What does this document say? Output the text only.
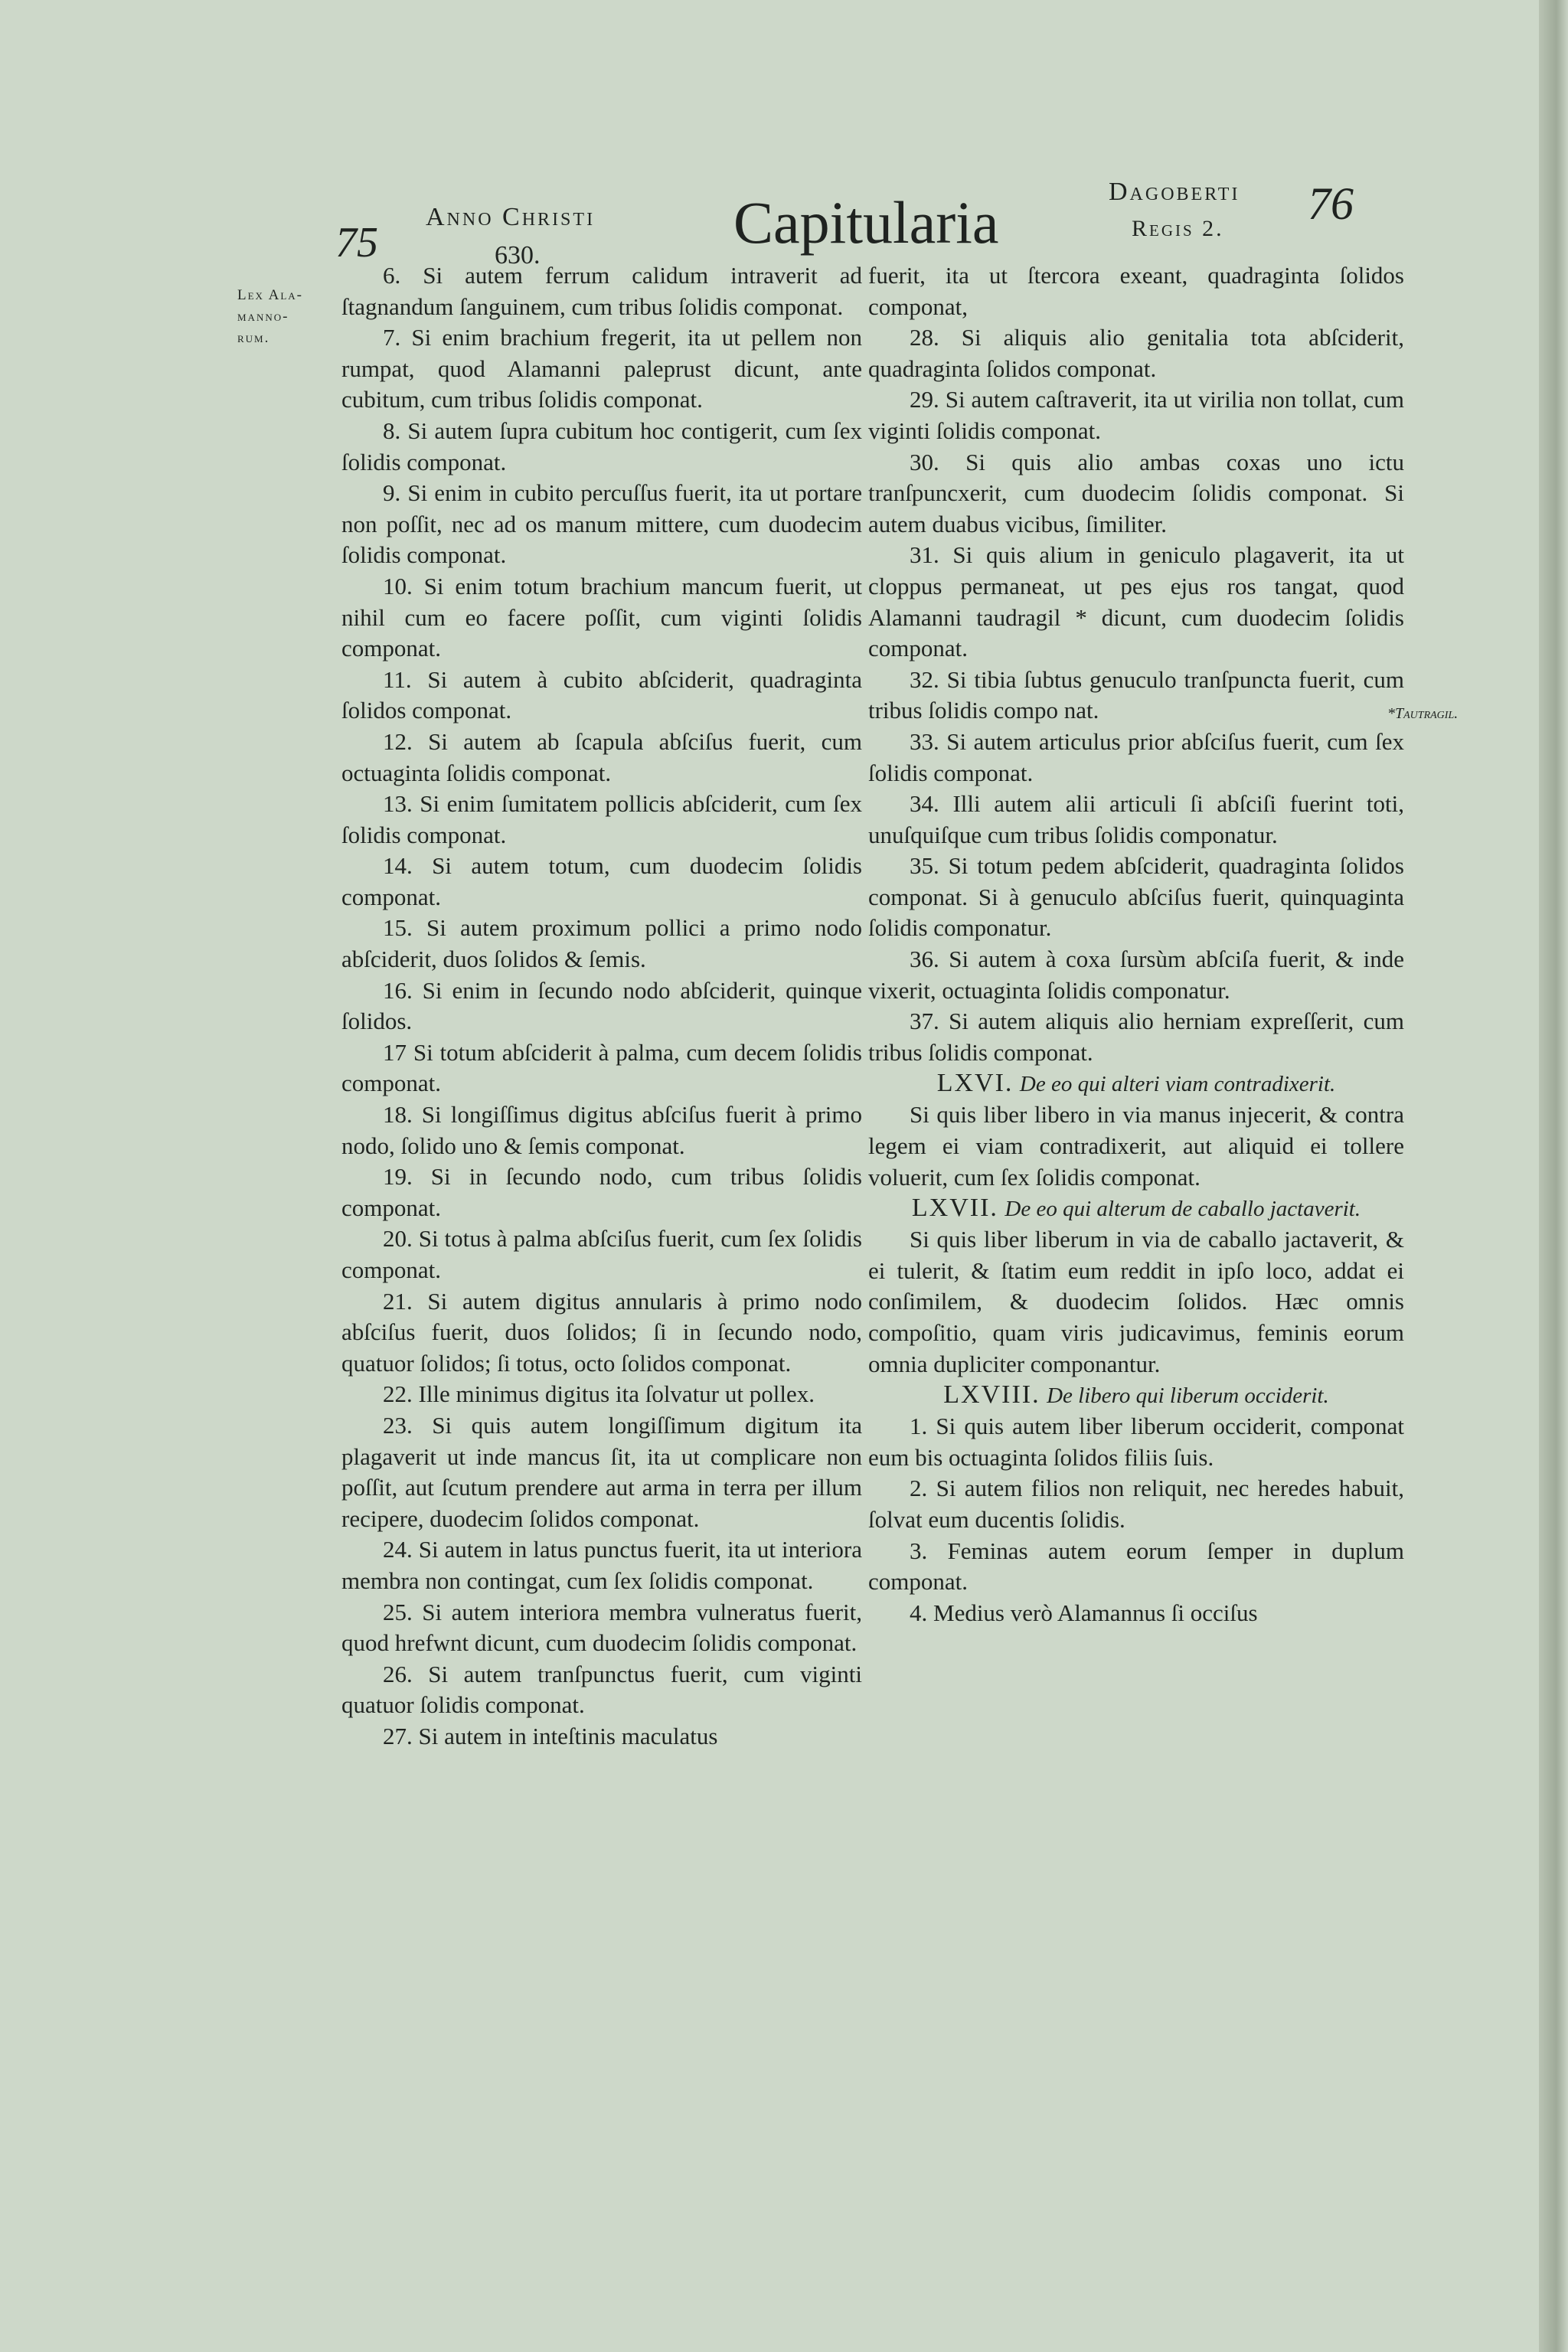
75
Anno Christi
630.	Capitularia	Dagoberti
Regis 2. 76
Lex Ala-
manno-
rum.
*Tautragil.

6. Si autem ferrum calidum intraverit ad ſtagnandum ſanguinem, cum tribus ſolidis componat.

7. Si enim brachium fregerit, ita ut pellem non rumpat, quod Alamanni paleprust dicunt, ante cubitum, cum tribus ſolidis componat.

8. Si autem ſupra cubitum hoc contigerit, cum ſex ſolidis componat.

9. Si enim in cubito percuſſus fuerit, ita ut portare non poſſit, nec ad os manum mittere, cum duodecim ſolidis componat.

10. Si enim totum brachium mancum fuerit, ut nihil cum eo facere poſſit, cum viginti ſolidis componat.

11. Si autem à cubito abſciderit, quadraginta ſolidos componat.

12. Si autem ab ſcapula abſciſus fuerit, cum octuaginta ſolidis componat.

13. Si enim ſumitatem pollicis abſciderit, cum ſex ſolidis componat.

14. Si autem totum, cum duodecim ſolidis componat.

15. Si autem proximum pollici a primo nodo abſciderit, duos ſolidos & ſemis.

16. Si enim in ſecundo nodo abſciderit, quinque ſolidos.

17 Si totum abſciderit à palma, cum decem ſolidis componat.

18. Si longiſſimus digitus abſciſus fuerit à primo nodo, ſolido uno & ſemis componat.

19. Si in ſecundo nodo, cum tribus ſolidis componat.

20. Si totus à palma abſciſus fuerit, cum ſex ſolidis componat.

21. Si autem digitus annularis à primo nodo abſciſus fuerit, duos ſolidos; ſi in ſecundo nodo, quatuor ſolidos; ſi totus, octo ſolidos componat.

22. Ille minimus digitus ita ſolvatur ut pollex.

23. Si quis autem longiſſimum digitum ita plagaverit ut inde mancus ſit, ita ut complicare non poſſit, aut ſcutum prendere aut arma in terra per illum recipere, duodecim ſolidos componat.

24. Si autem in latus punctus fuerit, ita ut interiora membra non contingat, cum ſex ſolidis componat.

25. Si autem interiora membra vulneratus fuerit, quod hrefwnt dicunt, cum duodecim ſolidis componat.

26. Si autem tranſpunctus fuerit, cum viginti quatuor ſolidis componat.

27. Si autem in inteſtinis maculatus

fuerit, ita ut ſtercora exeant, quadraginta ſolidos componat,

28. Si aliquis alio genitalia tota abſciderit, quadraginta ſolidos componat.

29. Si autem caſtraverit, ita ut virilia non tollat, cum viginti ſolidis componat.

30. Si quis alio ambas coxas uno ictu tranſpuncxerit, cum duodecim ſolidis componat. Si autem duabus vicibus, ſimiliter.

31. Si quis alium in geniculo plagaverit, ita ut cloppus permaneat, ut pes ejus ros tangat, quod Alamanni taudragil * dicunt, cum duodecim ſolidis componat.

32. Si tibia ſubtus genuculo tranſpuncta fuerit, cum tribus ſolidis compo nat.

33. Si autem articulus prior abſciſus fuerit, cum ſex ſolidis componat.

34. Illi autem alii articuli ſi abſciſi fuerint toti, unuſquiſque cum tribus ſolidis componatur.

35. Si totum pedem abſciderit, quadraginta ſolidos componat. Si à genuculo abſciſus fuerit, quinquaginta ſolidis componatur.

36. Si autem à coxa ſursùm abſciſa fuerit, & inde vixerit, octuaginta ſolidis componatur.

37. Si autem aliquis alio herniam expreſſerit, cum tribus ſolidis componat.

LXVI. De eo qui alteri viam contradixerit.

Si quis liber libero in via manus injecerit, & contra legem ei viam contradixerit, aut aliquid ei tollere voluerit, cum ſex ſolidis componat.

LXVII. De eo qui alterum de caballo jactaverit.

Si quis liber liberum in via de caballo jactaverit, & ei tulerit, & ſtatim eum reddit in ipſo loco, addat ei conſimilem, & duodecim ſolidos. Hæc omnis compoſitio, quam viris judicavimus, feminis eorum omnia dupliciter componantur.

LXVIII. De libero qui liberum occiderit.

1. Si quis autem liber liberum occiderit, componat eum bis octuaginta ſolidos filiis ſuis.

2. Si autem filios non reliquit, nec heredes habuit, ſolvat eum ducentis ſolidis.

3. Feminas autem eorum ſemper in duplum componat.

4. Medius verò Alamannus ſi occiſus
